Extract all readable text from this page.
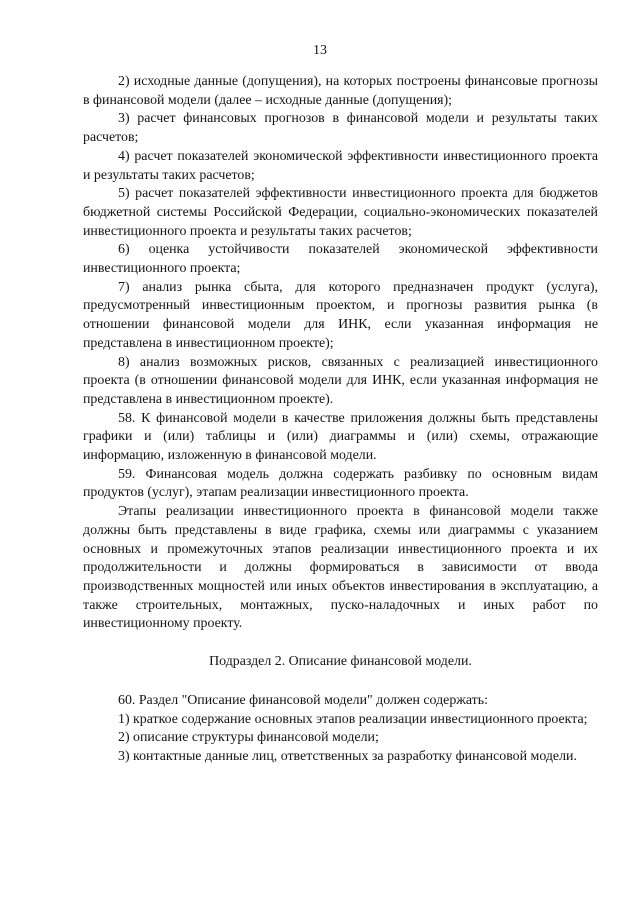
13

2) исходные данные (допущения), на которых построены финансовые прогнозы в финансовой модели (далее – исходные данные (допущения);

3) расчет финансовых прогнозов в финансовой модели и результаты таких расчетов;

4) расчет показателей экономической эффективности инвестиционного проекта и результаты таких расчетов;

5) расчет показателей эффективности инвестиционного проекта для бюджетов бюджетной системы Российской Федерации, социально-экономических показателей инвестиционного проекта и результаты таких расчетов;

6) оценка устойчивости показателей экономической эффективности инвестиционного проекта;

7) анализ рынка сбыта, для которого предназначен продукт (услуга), предусмотренный инвестиционным проектом, и прогнозы развития рынка (в отношении финансовой модели для ИНК, если указанная информация не представлена в инвестиционном проекте);

8) анализ возможных рисков, связанных с реализацией инвестиционного проекта (в отношении финансовой модели для ИНК, если указанная информация не представлена в инвестиционном проекте).

58. К финансовой модели в качестве приложения должны быть представлены графики и (или) таблицы и (или) диаграммы и (или) схемы, отражающие информацию, изложенную в финансовой модели.

59. Финансовая модель должна содержать разбивку по основным видам продуктов (услуг), этапам реализации инвестиционного проекта.

Этапы реализации инвестиционного проекта в финансовой модели также должны быть представлены в виде графика, схемы или диаграммы с указанием основных и промежуточных этапов реализации инвестиционного проекта и их продолжительности и должны формироваться в зависимости от ввода производственных мощностей или иных объектов инвестирования в эксплуатацию, а также строительных, монтажных, пуско-наладочных и иных работ по инвестиционному проекту.

Подраздел 2. Описание финансовой модели.

60. Раздел "Описание финансовой модели" должен содержать:

1) краткое содержание основных этапов реализации инвестиционного проекта;

2) описание структуры финансовой модели;

3) контактные данные лиц, ответственных за разработку финансовой модели.
